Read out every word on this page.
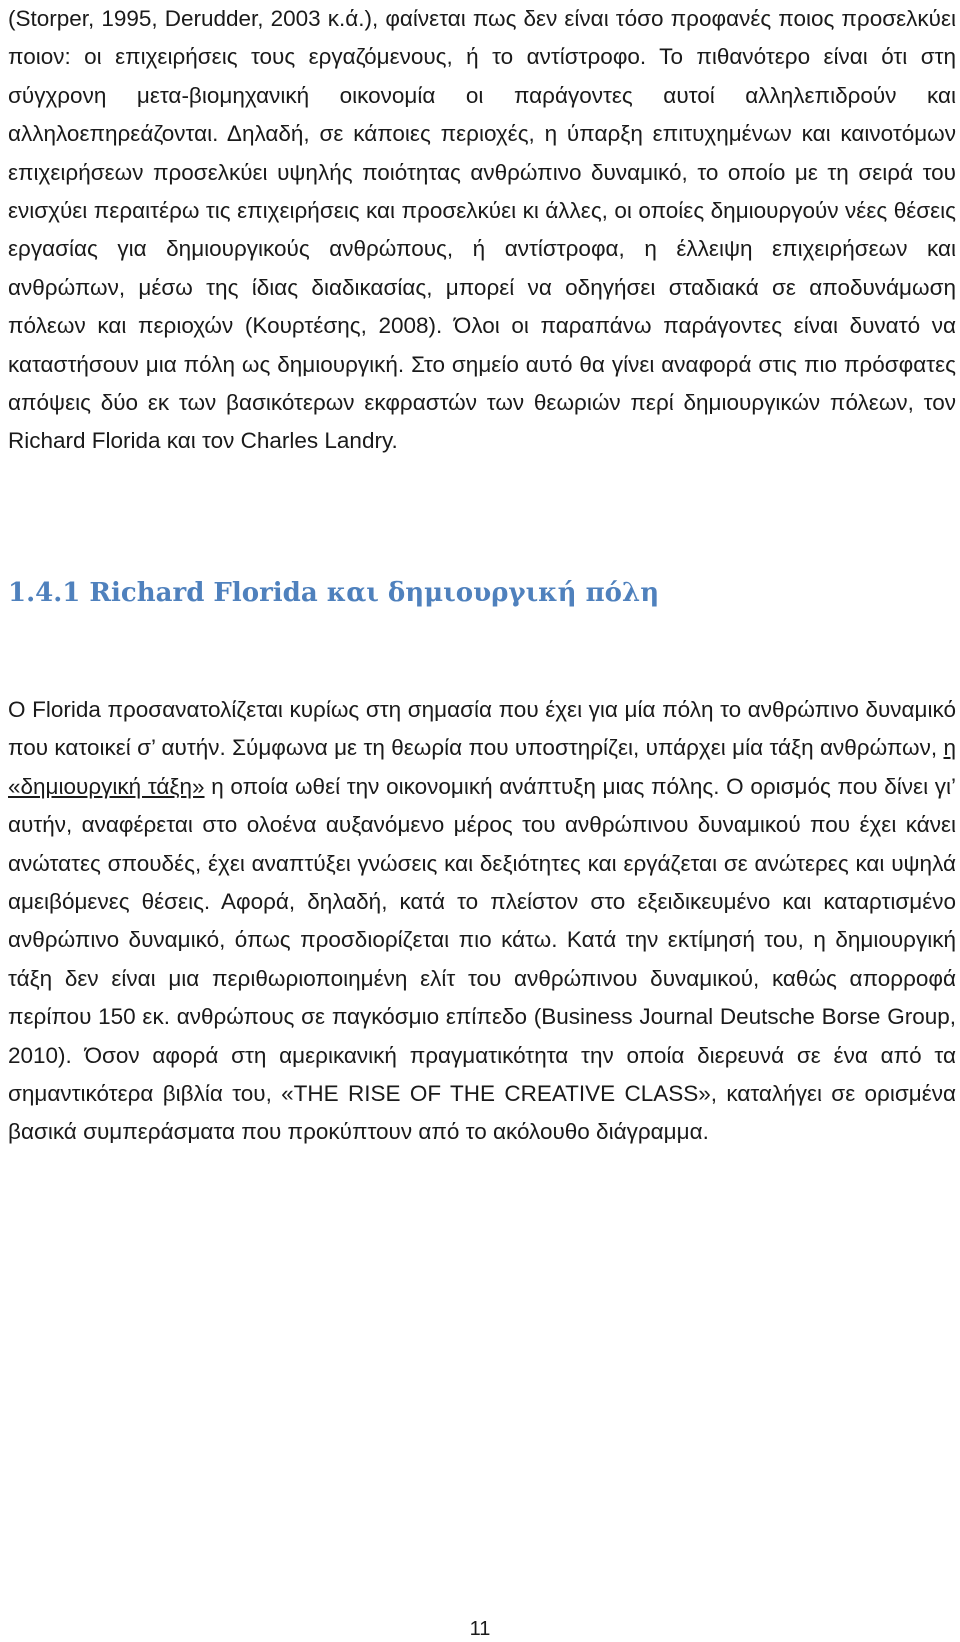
(Storper, 1995, Derudder, 2003 κ.ά.), φαίνεται πως δεν είναι τόσο προφανές ποιος προσελκύει ποιον: οι επιχειρήσεις τους εργαζόμενους, ή το αντίστροφο. Το πιθανότερο είναι ότι στη σύγχρονη μετα-βιομηχανική οικονομία οι παράγοντες αυτοί αλληλεπιδρούν και αλληλοεπηρεάζονται. Δηλαδή, σε κάποιες περιοχές, η ύπαρξη επιτυχημένων και καινοτόμων επιχειρήσεων προσελκύει υψηλής ποιότητας ανθρώπινο δυναμικό, το οποίο με τη σειρά του ενισχύει περαιτέρω τις επιχειρήσεις και προσελκύει κι άλλες, οι οποίες δημιουργούν νέες θέσεις εργασίας για δημιουργικούς ανθρώπους, ή αντίστροφα, η έλλειψη επιχειρήσεων και ανθρώπων, μέσω της ίδιας διαδικασίας, μπορεί να οδηγήσει σταδιακά σε αποδυνάμωση πόλεων και περιοχών (Κουρτέσης, 2008). Όλοι οι παραπάνω παράγοντες είναι δυνατό να καταστήσουν μια πόλη ως δημιουργική. Στο σημείο αυτό θα γίνει αναφορά στις πιο πρόσφατες απόψεις δύο εκ των βασικότερων εκφραστών των θεωριών περί δημιουργικών πόλεων, τον Richard Florida και τον Charles Landry.

1.4.1 Richard Florida και δημιουργική πόλη

Ο Florida προσανατολίζεται κυρίως στη σημασία που έχει για μία πόλη το ανθρώπινο δυναμικό που κατοικεί σ’ αυτήν. Σύμφωνα με τη θεωρία που υποστηρίζει, υπάρχει μία τάξη ανθρώπων, η «δημιουργική τάξη» η οποία ωθεί την οικονομική ανάπτυξη μιας πόλης. Ο ορισμός που δίνει γι’ αυτήν, αναφέρεται στο ολοένα αυξανόμενο μέρος του ανθρώπινου δυναμικού που έχει κάνει ανώτατες σπουδές, έχει αναπτύξει γνώσεις και δεξιότητες και εργάζεται σε ανώτερες και υψηλά αμειβόμενες θέσεις. Αφορά, δηλαδή, κατά το πλείστον στο εξειδικευμένο και καταρτισμένο ανθρώπινο δυναμικό, όπως προσδιορίζεται πιο κάτω. Κατά την εκτίμησή του, η δημιουργική τάξη δεν είναι μια περιθωριοποιημένη ελίτ του ανθρώπινου δυναμικού, καθώς απορροφά περίπου 150 εκ. ανθρώπους σε παγκόσμιο επίπεδο (Business Journal Deutsche Borse Group, 2010). Όσον αφορά στη αμερικανική πραγματικότητα την οποία διερευνά σε ένα από τα σημαντικότερα βιβλία του, «THE RISE OF THE CREATIVE CLASS», καταλήγει σε ορισμένα βασικά συμπεράσματα που προκύπτουν από το ακόλουθο διάγραμμα.

11
